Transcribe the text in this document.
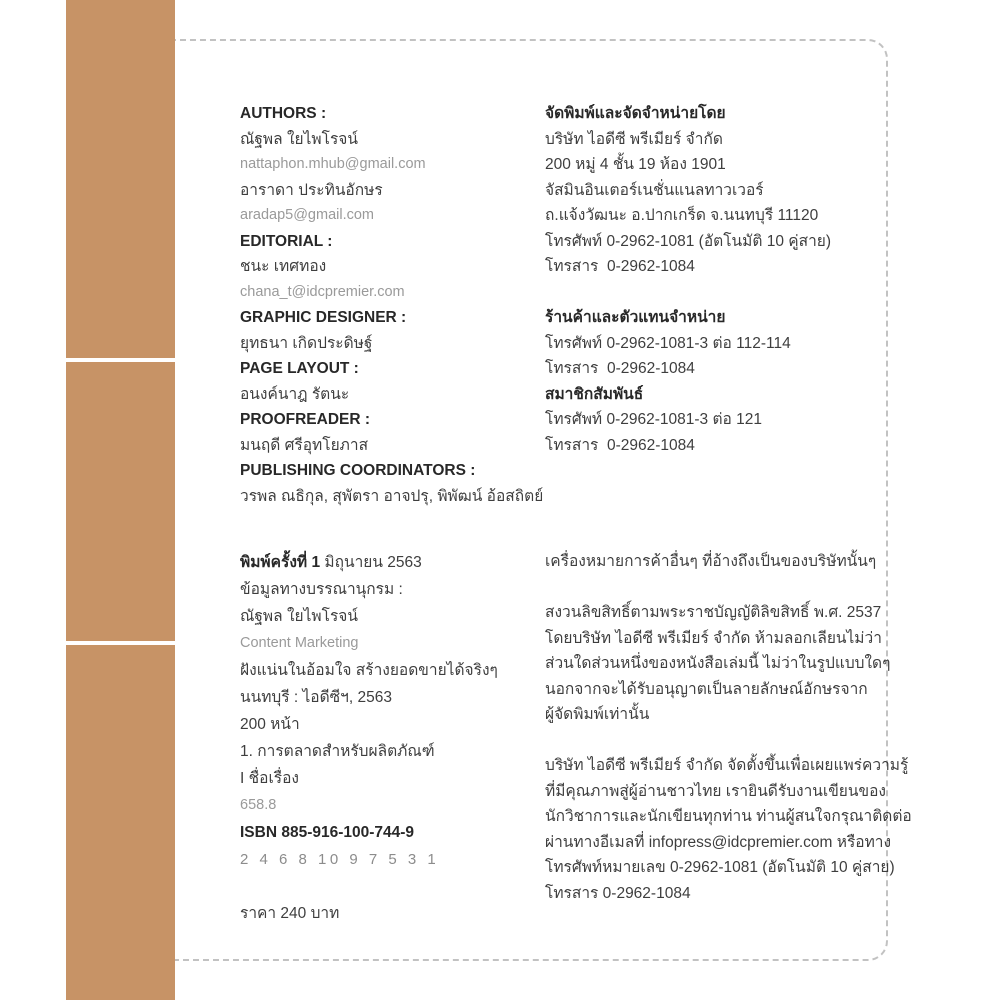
AUTHORS :
ณัฐพล ใยไพโรจน์
nattaphon.mhub@gmail.com
อาราดา ประทินอักษร
aradap5@gmail.com
EDITORIAL :
ชนะ เทศทอง
chana_t@idcpremier.com
GRAPHIC DESIGNER :
ยุทธนา เกิดประดิษฐ์
PAGE LAYOUT :
อนงค์นาฎ รัตนะ
PROOFREADER :
มนฤดี ศรีอุทโยภาส
PUBLISHING COORDINATORS :
วรพล ณธิกุล, สุพัตรา อาจปรุ, พิพัฒน์ อ้อสถิตย์
จัดพิมพ์และจัดจำหน่ายโดย
บริษัท ไอดีซี พรีเมียร์ จำกัด
200 หมู่ 4 ชั้น 19 ห้อง 1901
จัสมินอินเตอร์เนชั่นแนลทาวเวอร์
ถ.แจ้งวัฒนะ อ.ปากเกร็ด จ.นนทบุรี 11120
โทรศัพท์ 0-2962-1081 (อัตโนมัติ 10 คู่สาย)
โทรสาร  0-2962-1084
ร้านค้าและตัวแทนจำหน่าย
โทรศัพท์ 0-2962-1081-3 ต่อ 112-114
โทรสาร  0-2962-1084
สมาชิกสัมพันธ์
โทรศัพท์ 0-2962-1081-3 ต่อ 121
โทรสาร  0-2962-1084
พิมพ์ครั้งที่ 1 มิถุนายน 2563
ข้อมูลทางบรรณานุกรม :
ณัฐพล ใยไพโรจน์
Content Marketing
ฝังแน่นในอ้อมใจ สร้างยอดขายได้จริงๆ
นนทบุรี : ไอดีซีฯ, 2563
200 หน้า
1. การตลาดสำหรับผลิตภัณฑ์
I ชื่อเรื่อง
658.8
ISBN 885-916-100-744-9
2 4 6 8 10 9 7 5 3 1
ราคา 240 บาท
เครื่องหมายการค้าอื่นๆ ที่อ้างถึงเป็นของบริษัทนั้นๆ
สงวนลิขสิทธิ์ตามพระราชบัญญัติลิขสิทธิ์ พ.ศ. 2537
โดยบริษัท ไอดีซี พรีเมียร์ จำกัด ห้ามลอกเลียนไม่ว่า
ส่วนใดส่วนหนึ่งของหนังสือเล่มนี้ ไม่ว่าในรูปแบบใดๆ
นอกจากจะได้รับอนุญาตเป็นลายลักษณ์อักษรจาก
ผู้จัดพิมพ์เท่านั้น
บริษัท ไอดีซี พรีเมียร์ จำกัด จัดตั้งขึ้นเพื่อเผยแพร่ความรู้
ที่มีคุณภาพสู่ผู้อ่านชาวไทย เรายินดีรับงานเขียนของ
นักวิชาการและนักเขียนทุกท่าน ท่านผู้สนใจกรุณาติดต่อ
ผ่านทางอีเมลที่ infopress@idcpremier.com หรือทาง
โทรศัพท์หมายเลข 0-2962-1081 (อัตโนมัติ 10 คู่สาย)
โทรสาร 0-2962-1084
